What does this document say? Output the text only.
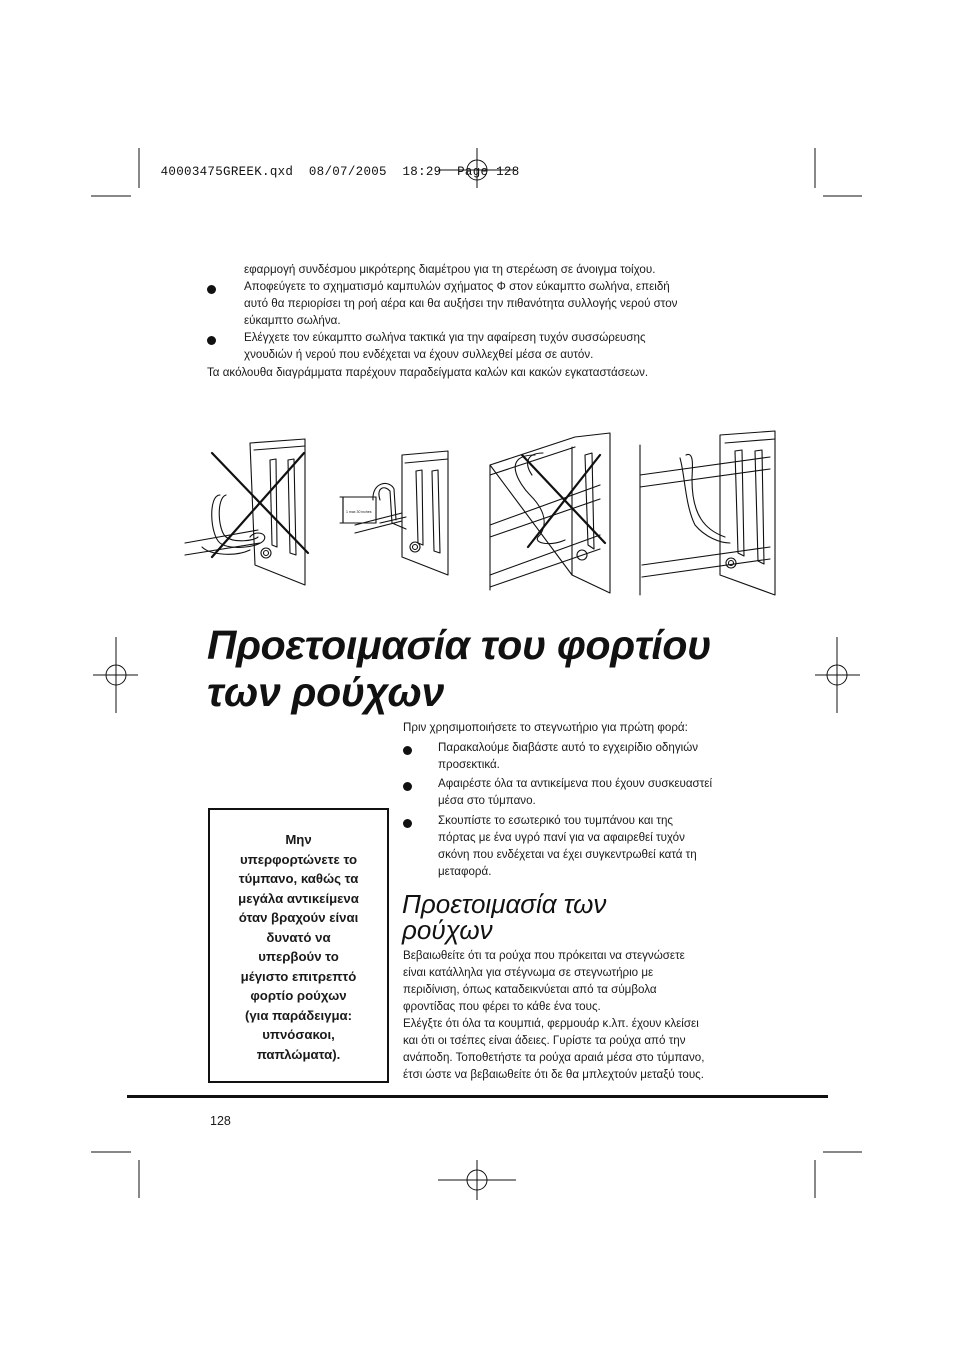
40003475GREEK.qxd 08/07/2005 18:29 Page 128

εφαρμογή συνδέσμου μικρότερης διαμέτρου για τη στερέωση σε άνοιγμα τοίχου.
Αποφεύγετε το σχηματισμό καμπυλών σχήματος Φ στον εύκαμπτο σωλήνα, επειδή
αυτό θα περιορίσει τη ροή αέρα και θα αυξήσει την πιθανότητα συλλογής νερού στον
εύκαμπτο σωλήνα.
Ελέγχετε τον εύκαμπτο σωλήνα τακτικά για την αφαίρεση τυχόν συσσώρευσης
χνουδιών ή νερού που ενδέχεται να έχουν συλλεχθεί μέσα σε αυτόν.
Τα ακόλουθα διαγράμματα παρέχουν παραδείγματα καλών και κακών εγκαταστάσεων.
1 max 30 inches
Προετοιμασία του φορτίου
των ρούχων
Πριν χρησιμοποιήσετε το στεγνωτήριο για πρώτη φορά:
Παρακαλούμε διαβάστε αυτό το εγχειρίδιο οδηγιών
προσεκτικά.
Αφαιρέστε όλα τα αντικείμενα που έχουν συσκευαστεί
μέσα στο τύμπανο.
Σκουπίστε το εσωτερικό του τυμπάνου και της
πόρτας με ένα υγρό πανί για να αφαιρεθεί τυχόν
σκόνη που ενδέχεται να έχει συγκεντρωθεί κατά τη
μεταφορά.
Μην
υπερφορτώνετε το
τύμπανο, καθώς τα
μεγάλα αντικείμενα
όταν βραχούν είναι
δυνατό να
υπερβούν το
μέγιστο επιτρεπτό
φορτίο ρούχων
(για παράδειγμα:
υπνόσακοι,
παπλώματα).
Προετοιμασία των
ρούχων
Βεβαιωθείτε ότι τα ρούχα που πρόκειται να στεγνώσετε
είναι κατάλληλα για στέγνωμα σε στεγνωτήριο με
περιδίνιση, όπως καταδεικνύεται από τα σύμβολα
φροντίδας που φέρει το κάθε ένα τους.
Ελέγξτε ότι όλα τα κουμπιά, φερμουάρ κ.λπ. έχουν κλείσει
και ότι οι τσέπες είναι άδειες. Γυρίστε τα ρούχα από την
ανάποδη. Τοποθετήστε τα ρούχα αραιά μέσα στο τύμπανο,
έτσι ώστε να βεβαιωθείτε ότι δε θα μπλεχτούν μεταξύ τους.
128
